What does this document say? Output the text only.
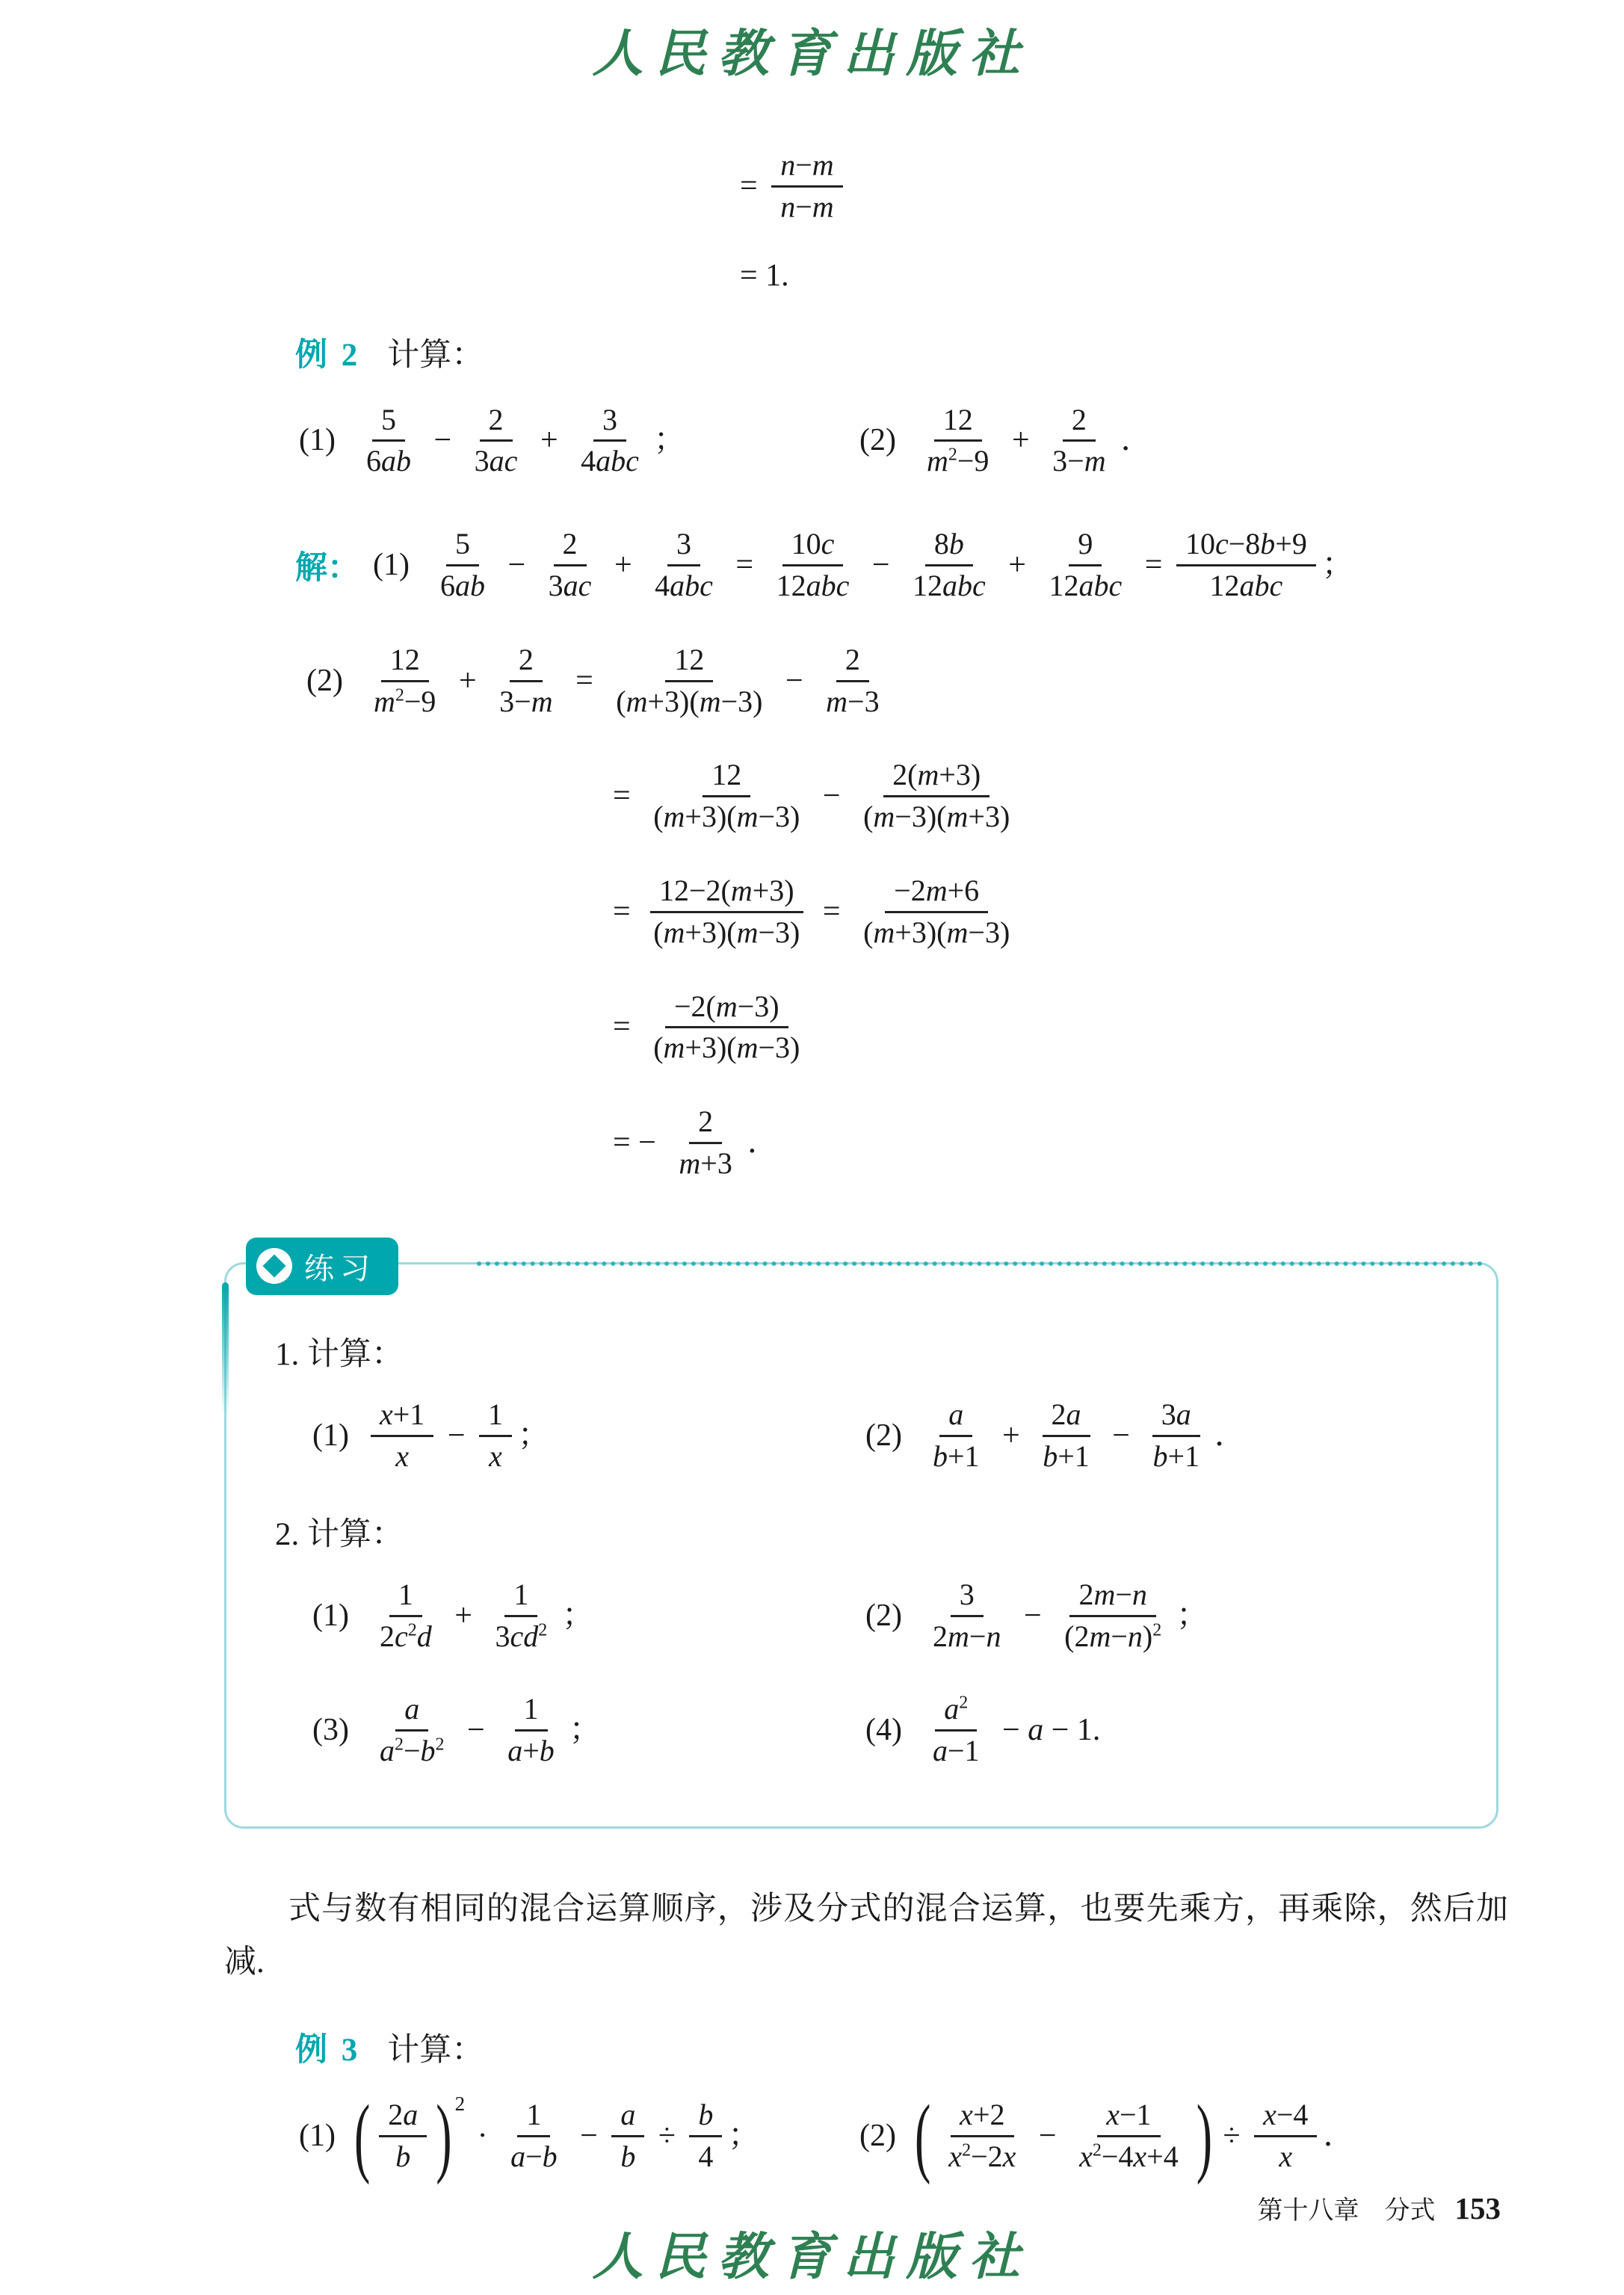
人民教育出版社
= $\frac{n-m}{n-m}$
= 1.
例 2 计算：
$(1) \frac{5}{6ab} - \frac{2}{3ac} + \frac{3}{\text{4abc}}$ ；	$(2) \frac{12}{m^2-9} + \frac{2}{3-m}$ ．
解： $(1) \frac{5}{6ab} - \frac{2}{3ac} + \frac{3}{\text{4abc}} = \frac{10c}{\text{12abc}} - \frac{8b}{\text{12abc}} + \frac{9}{\text{12abc}} = \frac{10c-8b+9}{\text{12abc}}$ ；
$(2) \frac{12}{m^2-9} + \frac{2}{3-m} = \frac{12}{(m+3)(m-3)} - \frac{2}{m-3}$
= $\frac{12}{(m+3)(m-3)} - \frac{2(m+3)}{(m-3)(m+3)}$
= $\frac{12-2(m+3)}{(m+3)(m-3)} = \frac{-2m+6}{(m+3)(m-3)}$
= $\frac{-2(m-3)}{(m+3)(m-3)}$
= − $\frac{2}{m+3}$ ．
练习
1. 计算：
$(1) \frac{x+1}{x} - \frac{1}{x}$ ；	$(2) \frac{a}{b+1} + \frac{2a}{b+1} - \frac{3a}{b+1}$ ．
2. 计算：
$(1) \frac{1}{2c^2d} + \frac{1}{3cd^2}$ ；	$(2) \frac{3}{2m-n} - \frac{2m-n}{(2m-n)^2}$ ；
$(3) \frac{a}{a^2-b^2} - \frac{1}{a+b}$ ；	$(4) \frac{a^2}{a-1} - a - 1$.

式与数有相同的混合运算顺序，涉及分式的混合运算，也要先乘方，再乘除，然后加减.

例 3 计算：
(1) ( $\frac{2a}{b}$ ) 2
· $\frac{1}{a-b} - \frac{a}{b} \div \frac{b}{4}$ ；	(2) ( $\frac{x+2}{x^2-2x} - \frac{x-1}{x^2-4x+4}$ ) ÷ $\frac{x-4}{x}$ ．
第十八章　分式 153
人民教育出版社
